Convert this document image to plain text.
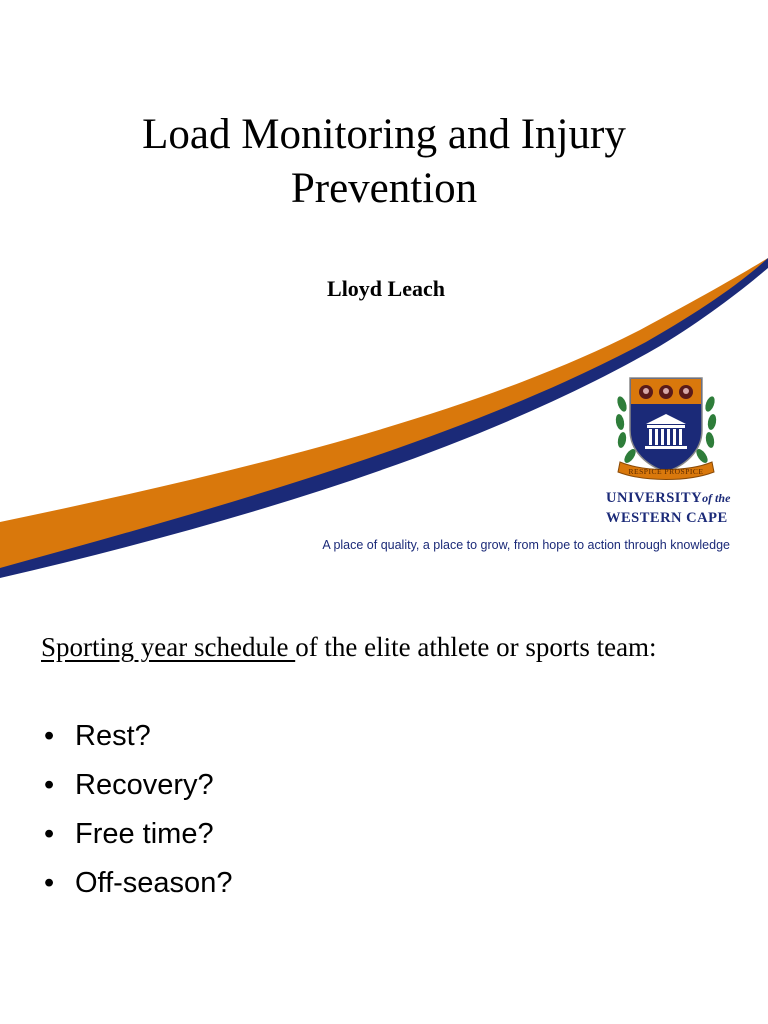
Load Monitoring and Injury
Prevention
Lloyd Leach
RESPICE PROSPICE
UNIVERSITYof the
WESTERN CAPE
A place of quality, a place to grow, from hope to action through knowledge
Sporting year schedule of the elite athlete or sports team:
• Rest?
• Recovery?
• Free time?
• Off-season?
